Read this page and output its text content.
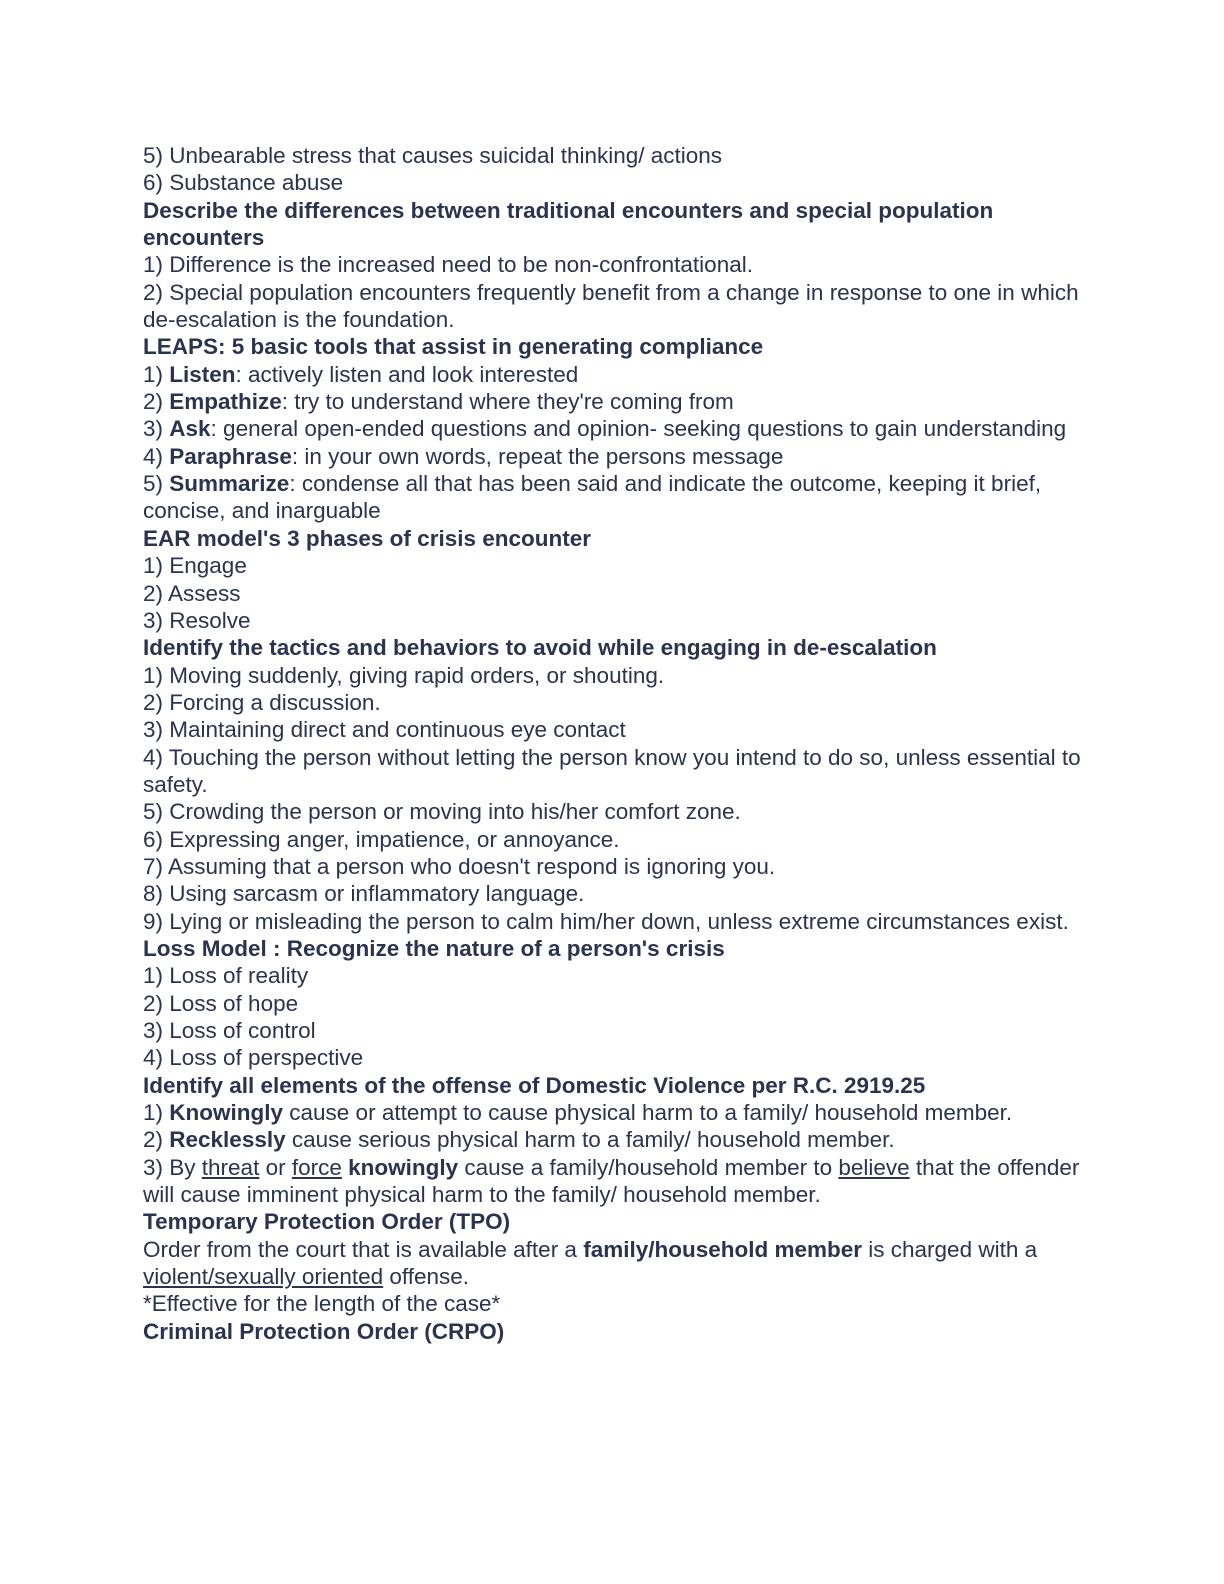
5) Unbearable stress that causes suicidal thinking/ actions

6) Substance abuse

Describe the differences between traditional encounters and special population encounters

1) Difference is the increased need to be non-confrontational.

2) Special population encounters frequently benefit from a change in response to one in which de-escalation is the foundation.

LEAPS: 5 basic tools that assist in generating compliance

1) Listen: actively listen and look interested

2) Empathize: try to understand where they're coming from

3) Ask: general open-ended questions and opinion- seeking questions to gain understanding

4) Paraphrase: in your own words, repeat the persons message

5) Summarize: condense all that has been said and indicate the outcome, keeping it brief, concise, and inarguable

EAR model's 3 phases of crisis encounter

1) Engage

2) Assess

3) Resolve

Identify the tactics and behaviors to avoid while engaging in de-escalation

1) Moving suddenly, giving rapid orders, or shouting.

2) Forcing a discussion.

3) Maintaining direct and continuous eye contact

4) Touching the person without letting the person know you intend to do so, unless essential to safety.

5) Crowding the person or moving into his/her comfort zone.

6) Expressing anger, impatience, or annoyance.

7) Assuming that a person who doesn't respond is ignoring you.

8) Using sarcasm or inflammatory language.

9) Lying or misleading the person to calm him/her down, unless extreme circumstances exist.

Loss Model : Recognize the nature of a person's crisis

1) Loss of reality

2) Loss of hope

3) Loss of control

4) Loss of perspective

Identify all elements of the offense of Domestic Violence per R.C. 2919.25

1) Knowingly cause or attempt to cause physical harm to a family/ household member.

2) Recklessly cause serious physical harm to a family/ household member.

3) By threat or force knowingly cause a family/household member to believe that the offender will cause imminent physical harm to the family/ household member.

Temporary Protection Order (TPO)

Order from the court that is available after a family/household member is charged with a violent/sexually oriented offense.

*Effective for the length of the case*

Criminal Protection Order (CRPO)
